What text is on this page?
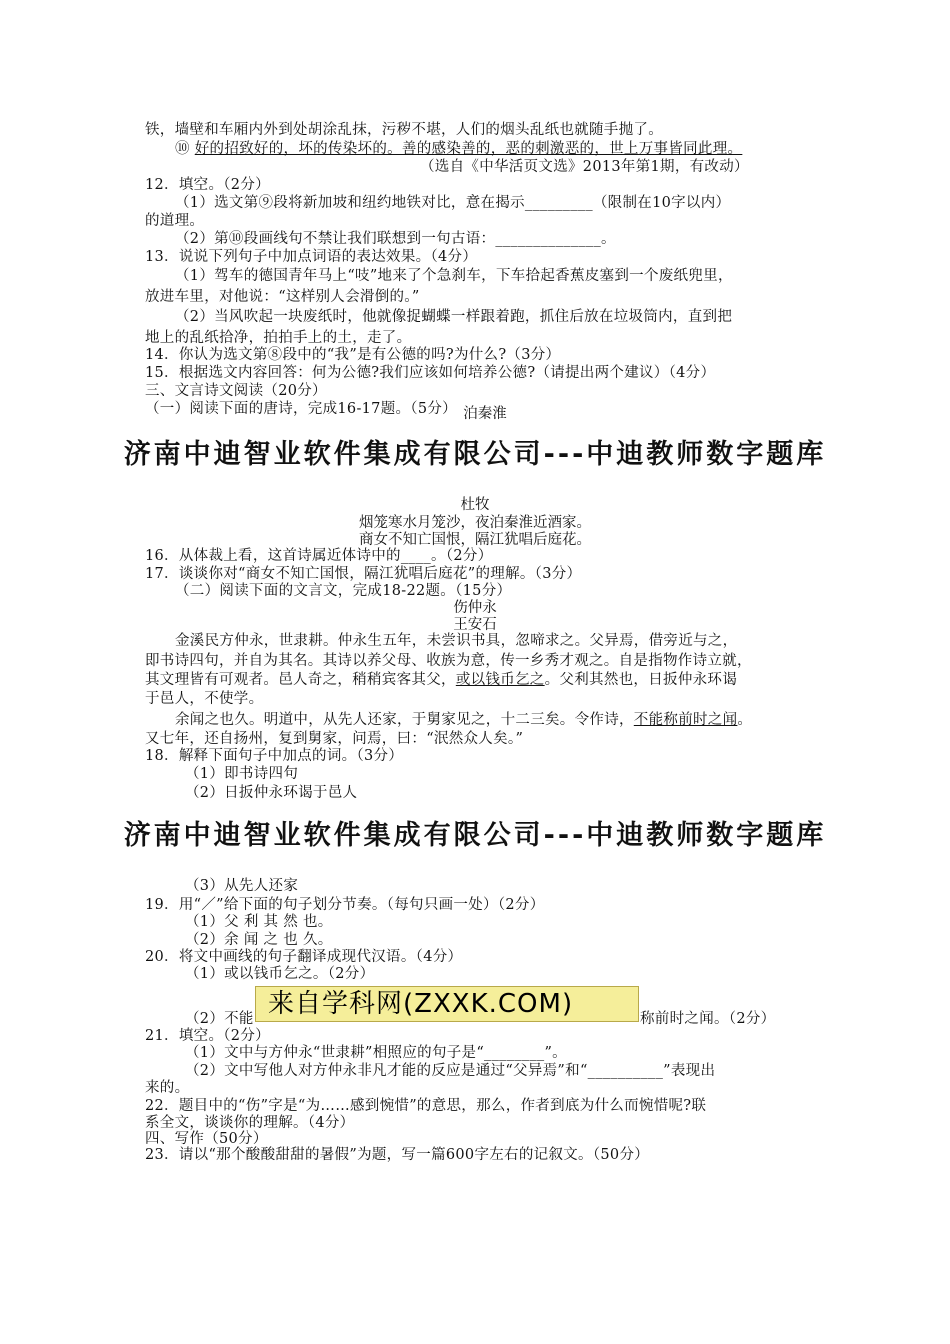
铁，墙壁和车厢内外到处胡涂乱抹，污秽不堪，人们的烟头乱纸也就随手抛了。
⑩ 好的招致好的，坏的传染坏的。善的感染善的，恶的刺激恶的，世上万事皆同此理。
（选自《中华活页文选》2013年第1期，有改动）
12．填空。（2分）
（1）选文第⑨段将新加坡和纽约地铁对比，意在揭示_________（限制在10字以内）
的道理。
（2）第⑩段画线句不禁让我们联想到一句古语：______________。
13．说说下列句子中加点词语的表达效果。（4分）
（1）驾车的德国青年马上“吱”地来了个急刹车，下车拾起香蕉皮塞到一个废纸兜里，
放进车里，对他说：“这样别人会滑倒的。”
（2）当风吹起一块废纸时，他就像捉蝴蝶一样跟着跑，抓住后放在垃圾筒内，直到把
地上的乱纸拾净，拍拍手上的土，走了。
14．你认为选文第⑧段中的“我”是有公德的吗?为什么?（3分）
15．根据选文内容回答：何为公德?我们应该如何培养公德?（请提出两个建议）（4分）
三、文言诗文阅读（20分）
（一）阅读下面的唐诗，完成16-17题。（5分） 泊秦淮
济南中迪智业软件集成有限公司---中迪教师数字题库
杜牧
烟笼寒水月笼沙，夜泊秦淮近酒家。
商女不知亡国恨，隔江犹唱后庭花。
16．从体裁上看，这首诗属近体诗中的____。（2分）
17．谈谈你对“商女不知亡国恨，隔江犹唱后庭花”的理解。（3分）
（二）阅读下面的文言文，完成18-22题。（15分）
伤仲永
王安石
金溪民方仲永，世隶耕。仲永生五年，未尝识书具，忽啼求之。父异焉，借旁近与之，
即书诗四句，并自为其名。其诗以养父母、收族为意，传一乡秀才观之。自是指物作诗立就，
其文理皆有可观者。邑人奇之，稍稍宾客其父，或以钱币乞之。父利其然也，日扳仲永环谒
于邑人，不使学。
余闻之也久。明道中，从先人还家，于舅家见之，十二三矣。令作诗，不能称前时之闻。
又七年，还自扬州，复到舅家，问焉，曰：“泯然众人矣。”
18．解释下面句子中加点的词。（3分）
（1）即书诗四句
（2）日扳仲永环谒于邑人
济南中迪智业软件集成有限公司---中迪教师数字题库
（3）从先人还家
19．用“／”给下面的句子划分节奏。（每句只画一处）（2分）
（1）父 利 其 然 也。
（2）余 闻 之 也 久。
20．将文中画线的句子翻译成现代汉语。（4分）
（1）或以钱币乞之。（2分）
（2）不能	称前时之闻。（2分）
来自学科网(ZXXK.COM)
21．填空。（2分）
（1）文中与方仲永“世隶耕”相照应的句子是“________”。
（2）文中写他人对方仲永非凡才能的反应是通过“父异焉”和“__________”表现出
来的。
22．题目中的“伤”字是“为……感到惋惜”的意思，那么，作者到底为什么而惋惜呢?联
系全文，谈谈你的理解。（4分）
四、写作（50分）
23．请以“那个酸酸甜甜的暑假”为题，写一篇600字左右的记叙文。（50分）
